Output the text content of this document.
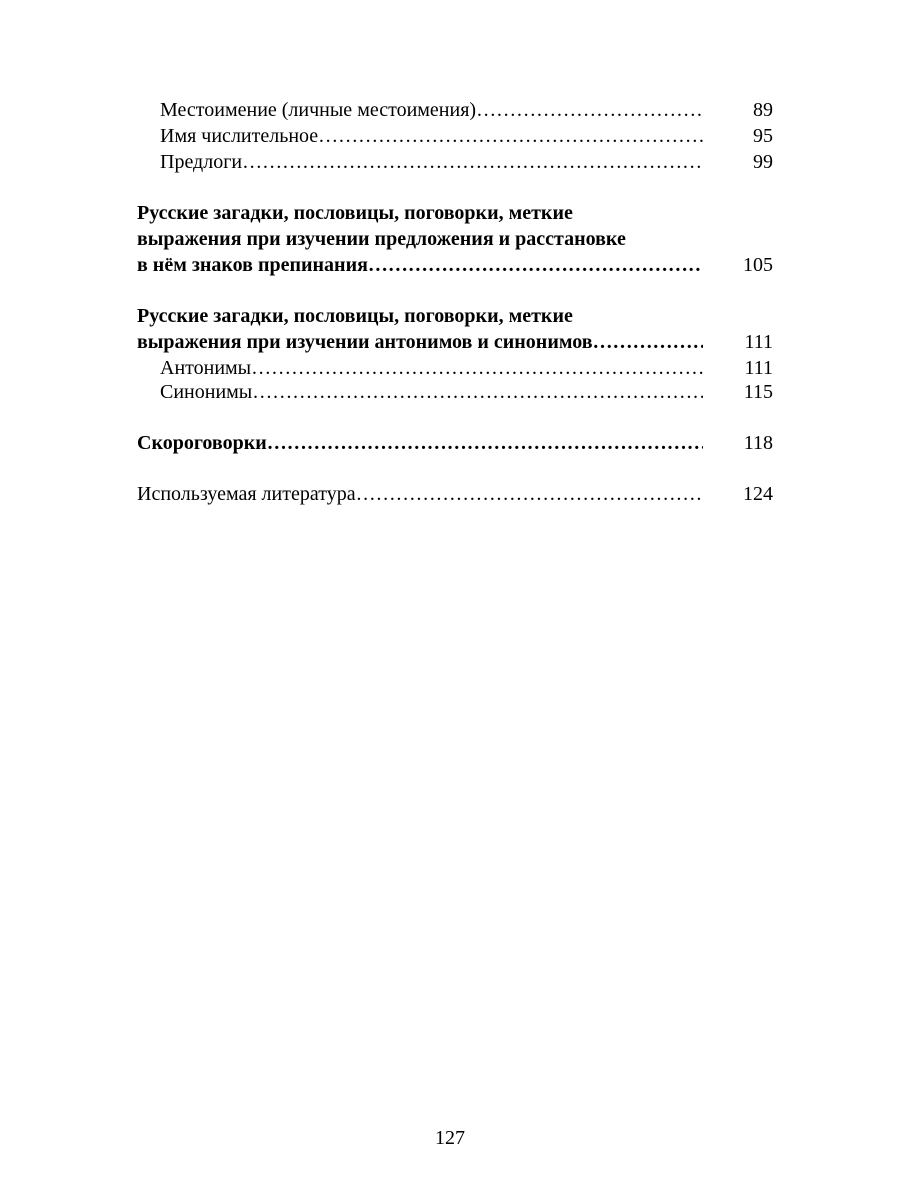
Местоимение (личные местоимения) ……………………………………………………………………………………………………………	89
Имя числительное ……………………………………………………………………………………………………………	95
Предлоги ……………………………………………………………………………………………………………	99
Русские загадки, пословицы, поговорки, меткие
выражения при изучении предложения и расстановке
в нём знаков препинания ……………………………………………………………………………………………………………	105
Русские загадки, пословицы, поговорки, меткие
выражения при изучении антонимов и синонимов ……………………………………………………………………………………………………………	111
Антонимы ……………………………………………………………………………………………………………	111
Синонимы ……………………………………………………………………………………………………………	115
Скороговорки ……………………………………………………………………………………………………………	118
Используемая литература ……………………………………………………………………………………………………………	124
127
